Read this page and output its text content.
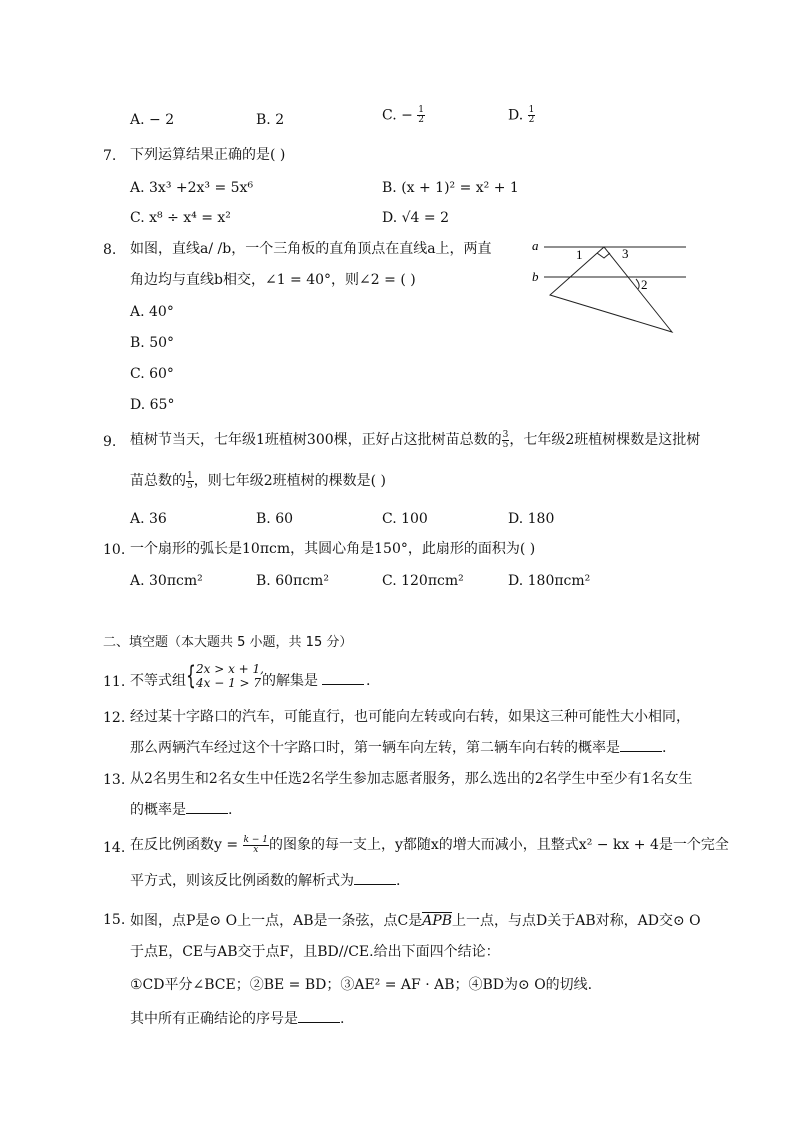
A. − 2	B. 2	C. − $\frac{1}{2}$	D. $\frac{1}{2}$
7. 下列运算结果正确的是( )
A. 3x³ +2x³ = 5x⁶	B. (x + 1)² = x² + 1
C. x⁸ ÷ x⁴ = x²	D. √4 = 2
8. 如图，直线a/ /b，一个三角板的直角顶点在直线a上，两直
角边均与直线b相交，∠1 = 40°，则∠2 = ( )
A. 40°
B. 50°
C. 60°
D. 65°
a
b
1	3
2
9. 植树节当天，七年级1班植树300棵，正好占这批树苗总数的 $\frac{3}{5}$ ，七年级2班植树棵数是这批树
苗总数的 $\frac{1}{5}$ ，则七年级2班植树的棵数是( )
A. 36	B. 60	C. 100	D. 180
10. 一个扇形的弧长是10πcm，其圆心角是150°，此扇形的面积为( )
A. 30πcm²	B. 60πcm²	C. 120πcm²	D. 180πcm²
二、填空题（本大题共 5 小题，共 15 分）
11. 不等式组 { 2x > x + 1,
4x − 1 > 7 的解集是	.
12. 经过某十字路口的汽车，可能直行，也可能向左转或向右转，如果这三种可能性大小相同，
那么两辆汽车经过这个十字路口时，第一辆车向左转，第二辆车向右转的概率是	.
13. 从2名男生和2名女生中任选2名学生参加志愿者服务，那么选出的2名学生中至少有1名女生
的概率是	.
14. 在反比例函数$y = \frac{k - 1}{x}$ 的图象的每一支上，y都随x的增大而减小，且整式x² − kx + 4是一个完全
平方式，则该反比例函数的解析式为	.
15. 如图，点P是⊙ O上一点，AB是一条弦，点C是APB上一点，与点D关于AB对称，AD交⊙ O
于点E，CE与AB交于点F，且BD//CE.给出下面四个结论：
①CD平分∠BCE；②BE = BD；③AE² = AF · AB；④BD为⊙ O的切线.
其中所有正确结论的序号是	.
